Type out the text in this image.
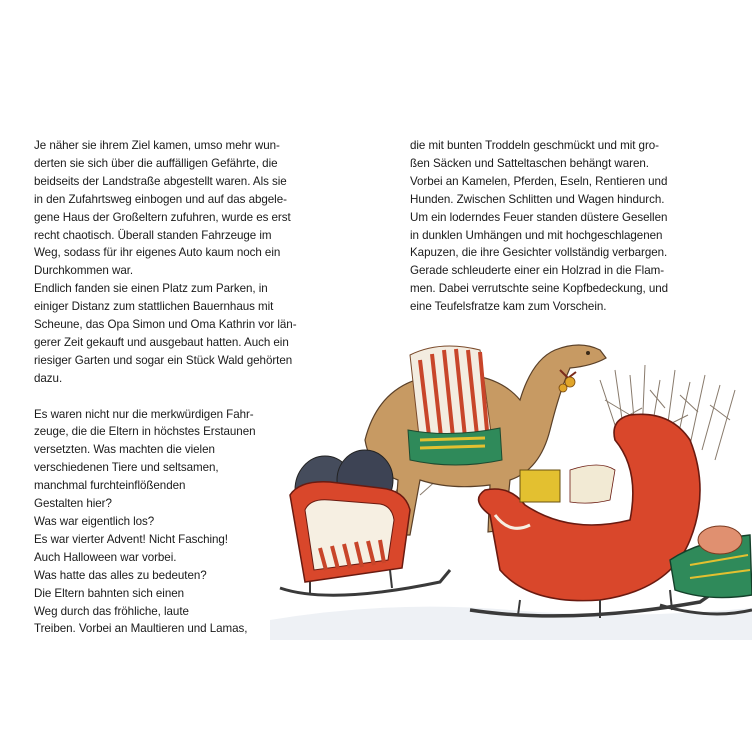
Je näher sie ihrem Ziel kamen, umso mehr wun-

derten sie sich über die auffälligen Gefährte, die

beidseits der Landstraße abgestellt waren. Als sie

in den Zufahrtsweg einbogen und auf das abgele-

gene Haus der Großeltern zufuhren, wurde es erst

recht chaotisch. Überall standen Fahrzeuge im

Weg, sodass für ihr eigenes Auto kaum noch ein

Durchkommen war.

Endlich fanden sie einen Platz zum Parken, in

einiger Distanz zum stattlichen Bauernhaus mit

Scheune, das Opa Simon und Oma Kathrin vor län-

gerer Zeit gekauft und ausgebaut hatten. Auch ein

riesiger Garten und sogar ein Stück Wald gehörten

dazu.

Es waren nicht nur die merkwürdigen Fahr-

zeuge, die die Eltern in höchstes Erstaunen

versetzten. Was machten die vielen

verschiedenen Tiere und seltsamen,

manchmal furchteinflößenden

Gestalten hier?

Was war eigentlich los?

Es war vierter Advent! Nicht Fasching!

Auch Halloween war vorbei.

Was hatte das alles zu bedeuten?

Die Eltern bahnten sich einen

Weg durch das fröhliche, laute

Treiben. Vorbei an Maultieren und Lamas,

die mit bunten Troddeln geschmückt und mit gro-

ßen Säcken und Satteltaschen behängt waren.

Vorbei an Kamelen, Pferden, Eseln, Rentieren und

Hunden. Zwischen Schlitten und Wagen hindurch.

Um ein loderndes Feuer standen düstere Gesellen

in dunklen Umhängen und mit hochgeschlagenen

Kapuzen, die ihre Gesichter vollständig verbargen.

Gerade schleuderte einer ein Holzrad in die Flam-

men. Dabei verrutschte seine Kopfbedeckung, und

eine Teufelsfratze kam zum Vorschein.
